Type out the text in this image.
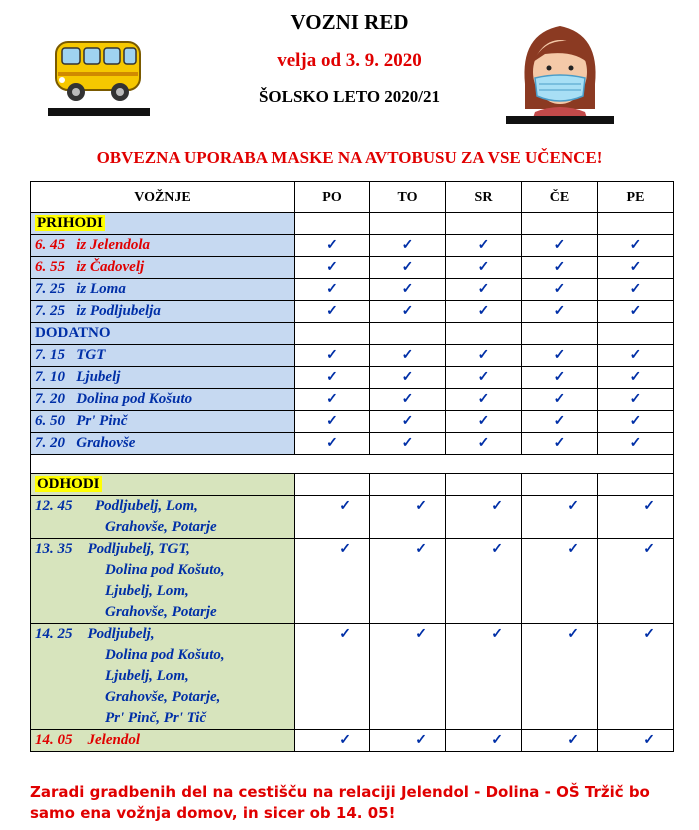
VOZNI RED
velja od 3. 9. 2020
ŠOLSKO LETO 2020/21
OBVEZNA UPORABA MASKE NA AVTOBUSU ZA VSE UČENCE!
VOŽNJE	PO	TO	SR	ČE	PE
PRIHODI					
6. 45 iz Jelendola	✓	✓	✓	✓	✓
6. 55 iz Čadovelj	✓	✓	✓	✓	✓
7. 25 iz Loma	✓	✓	✓	✓	✓
7. 25 iz Podljubelja	✓	✓	✓	✓	✓
DODATNO					
7. 15 TGT	✓	✓	✓	✓	✓
7. 10 Ljubelj	✓	✓	✓	✓	✓
7. 20 Dolina pod Košuto	✓	✓	✓	✓	✓
6. 50 Pr' Pinč	✓	✓	✓	✓	✓
7. 20 Grahovše	✓	✓	✓	✓	✓

ODHODI					

12. 45 Podljubelj, Lom,
Grahovše, Potarje	✓	✓	✓	✓	✓

13. 35 Podljubelj, TGT,
Dolina pod Košuto,
Ljubelj, Lom,
Grahovše, Potarje	✓	✓	✓	✓	✓

14. 25 Podljubelj,
Dolina pod Košuto,
Ljubelj, Lom,
Grahovše, Potarje,
Pr' Pinč, Pr' Tič	✓	✓	✓	✓	✓

14. 05 Jelendol	✓	✓	✓	✓	✓
Zaradi gradbenih del na cestišču na relaciji Jelendol - Dolina - OŠ Tržič bo
samo ena vožnja domov, in sicer ob 14. 05!
